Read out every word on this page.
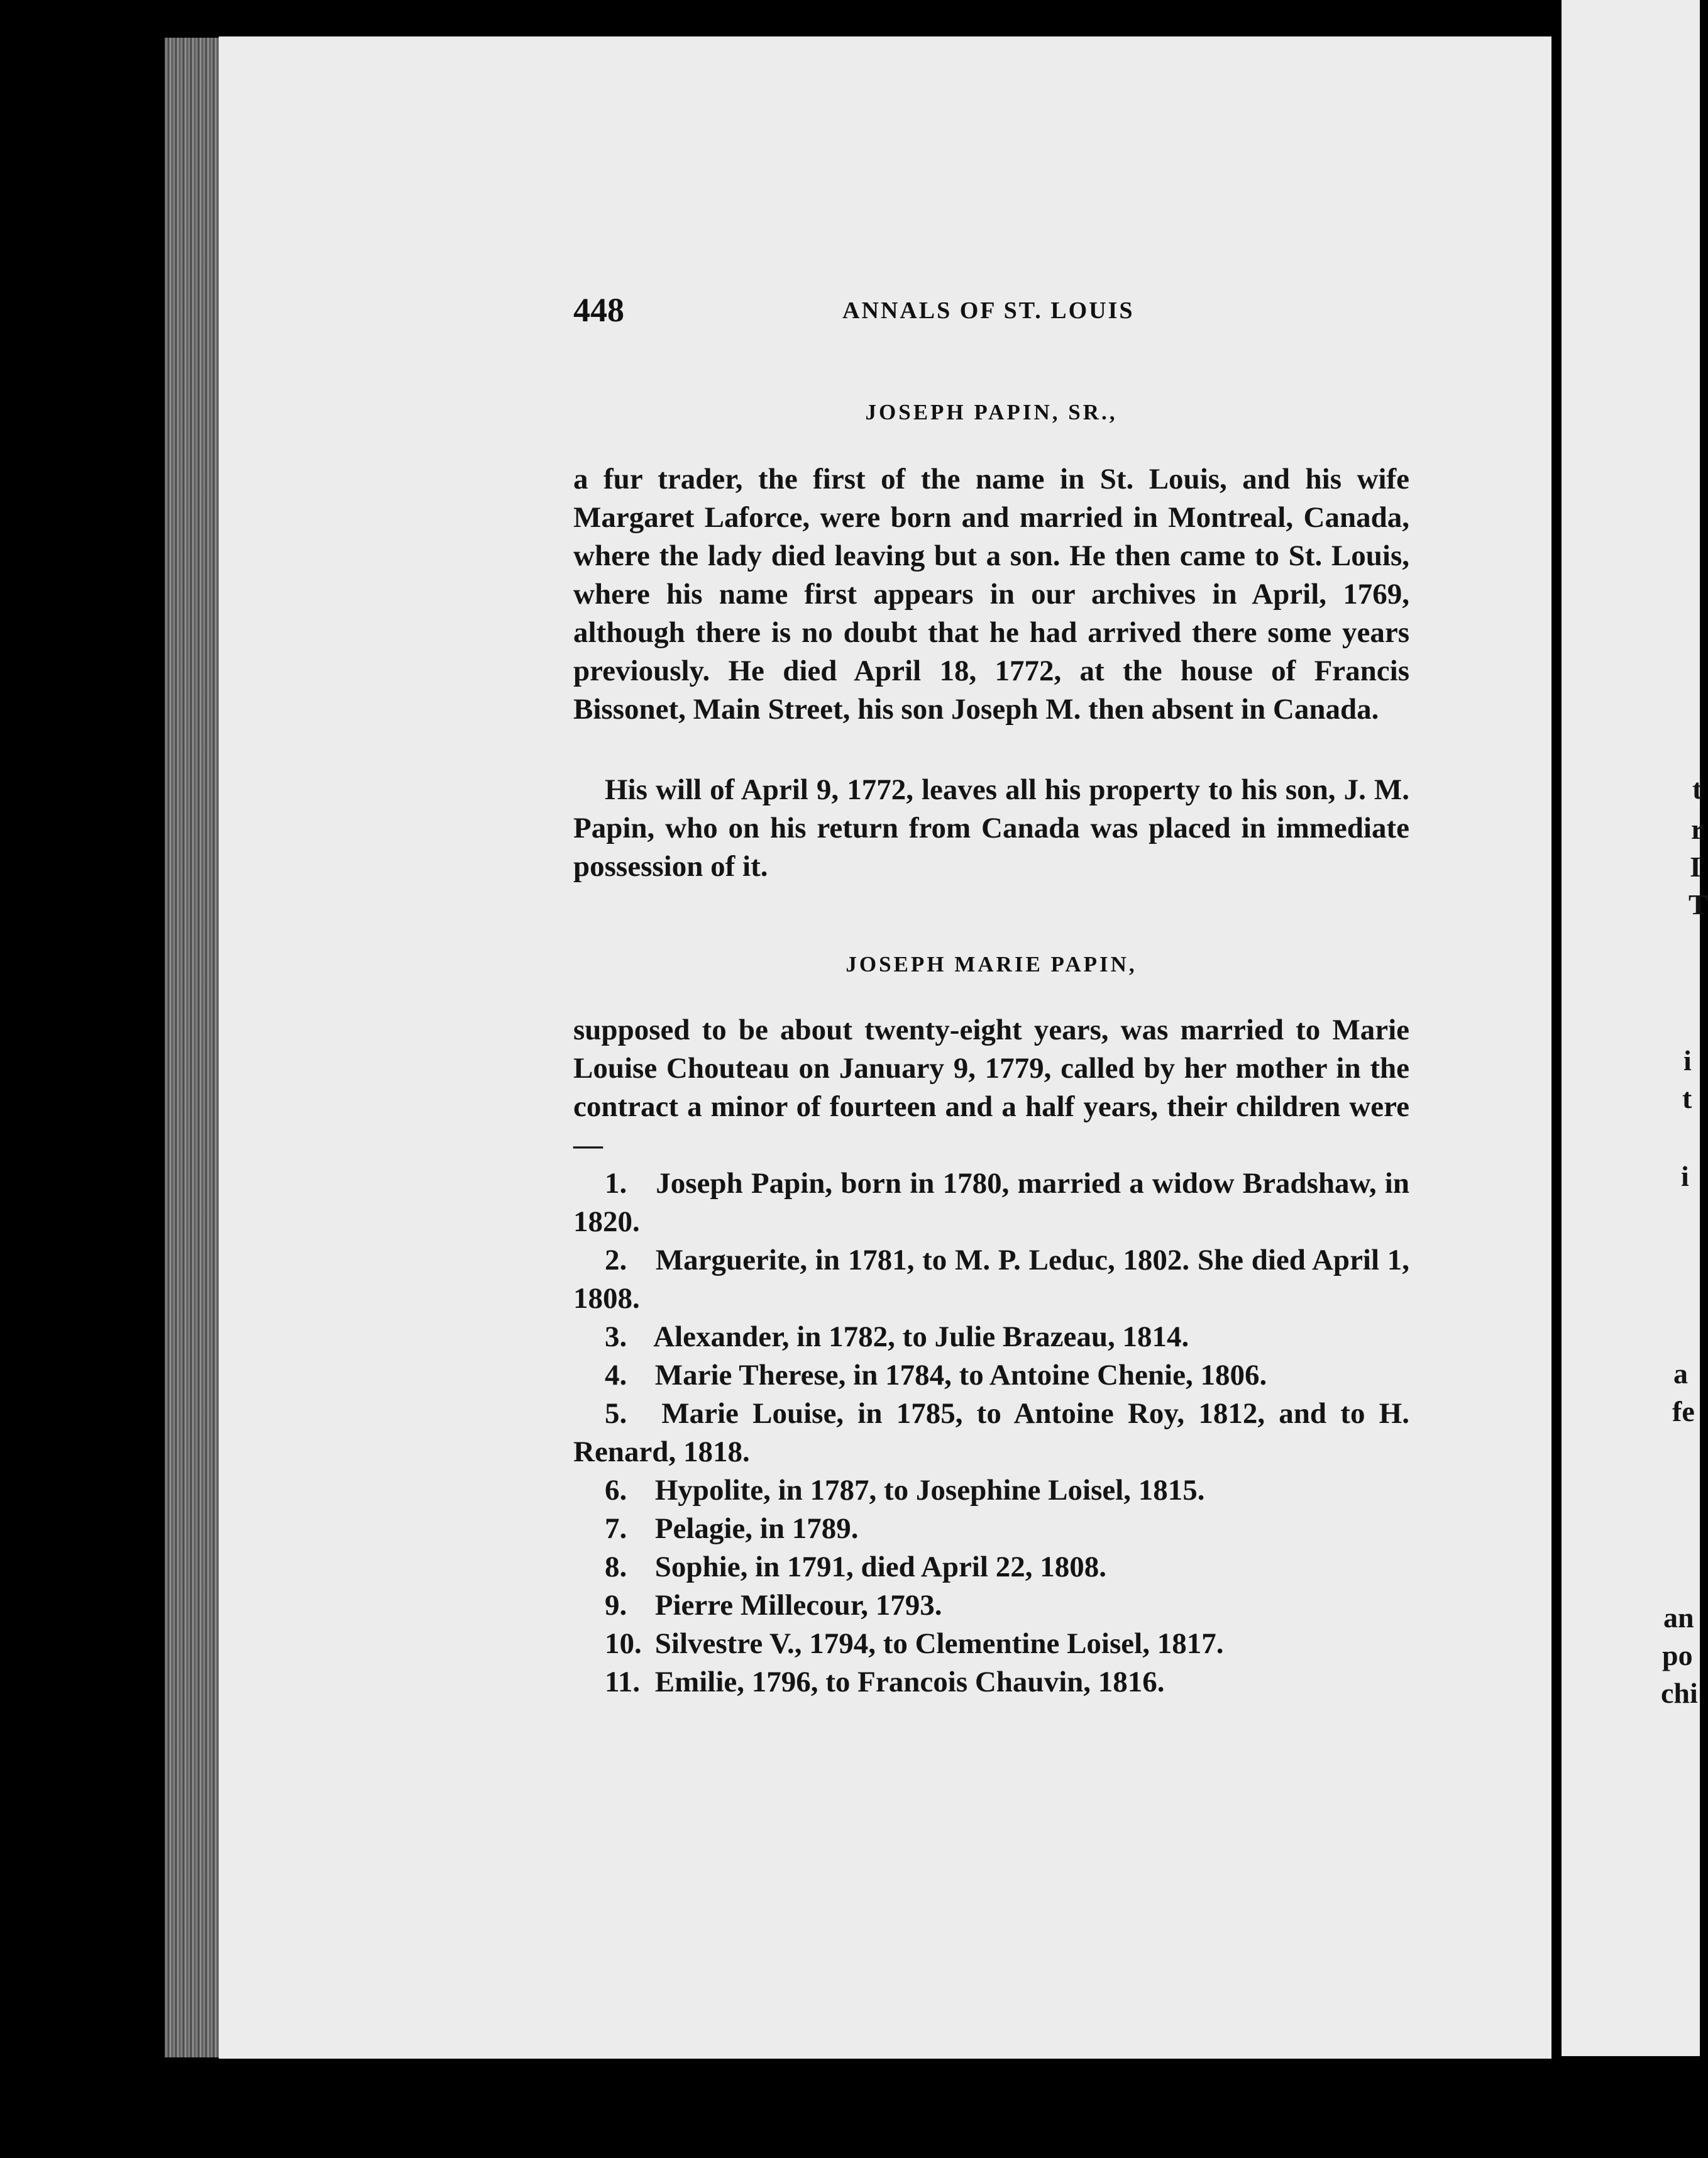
448	ANNALS OF ST. LOUIS
JOSEPH PAPIN, SR.,

a fur trader, the first of the name in St. Louis, and his wife Margaret Laforce, were born and married in Montreal, Canada, where the lady died leaving but a son. He then came to St. Louis, where his name first appears in our archives in April, 1769, although there is no doubt that he had arrived there some years previously. He died April 18, 1772, at the house of Francis Bissonet, Main Street, his son Joseph M. then absent in Canada.

His will of April 9, 1772, leaves all his property to his son, J. M. Papin, who on his return from Canada was placed in immediate possession of it.

JOSEPH MARIE PAPIN,

supposed to be about twenty-eight years, was married to Marie Louise Chouteau on January 9, 1779, called by her mother in the contract a minor of fourteen and a half years, their children were —

1. Joseph Papin, born in 1780, married a widow Bradshaw, in 1820.
2. Marguerite, in 1781, to M. P. Leduc, 1802. She died April 1, 1808.
3. Alexander, in 1782, to Julie Brazeau, 1814.
4. Marie Therese, in 1784, to Antoine Chenie, 1806.
5. Marie Louise, in 1785, to Antoine Roy, 1812, and to H. Renard, 1818.
6. Hypolite, in 1787, to Josephine Loisel, 1815.
7. Pelagie, in 1789.
8. Sophie, in 1791, died April 22, 1808.
9. Pierre Millecour, 1793.
10. Silvestre V., 1794, to Clementine Loisel, 1817.
11. Emilie, 1796, to Francois Chauvin, 1816.
t
r
I
T
i
t
i
a
fe
an
po
chi
